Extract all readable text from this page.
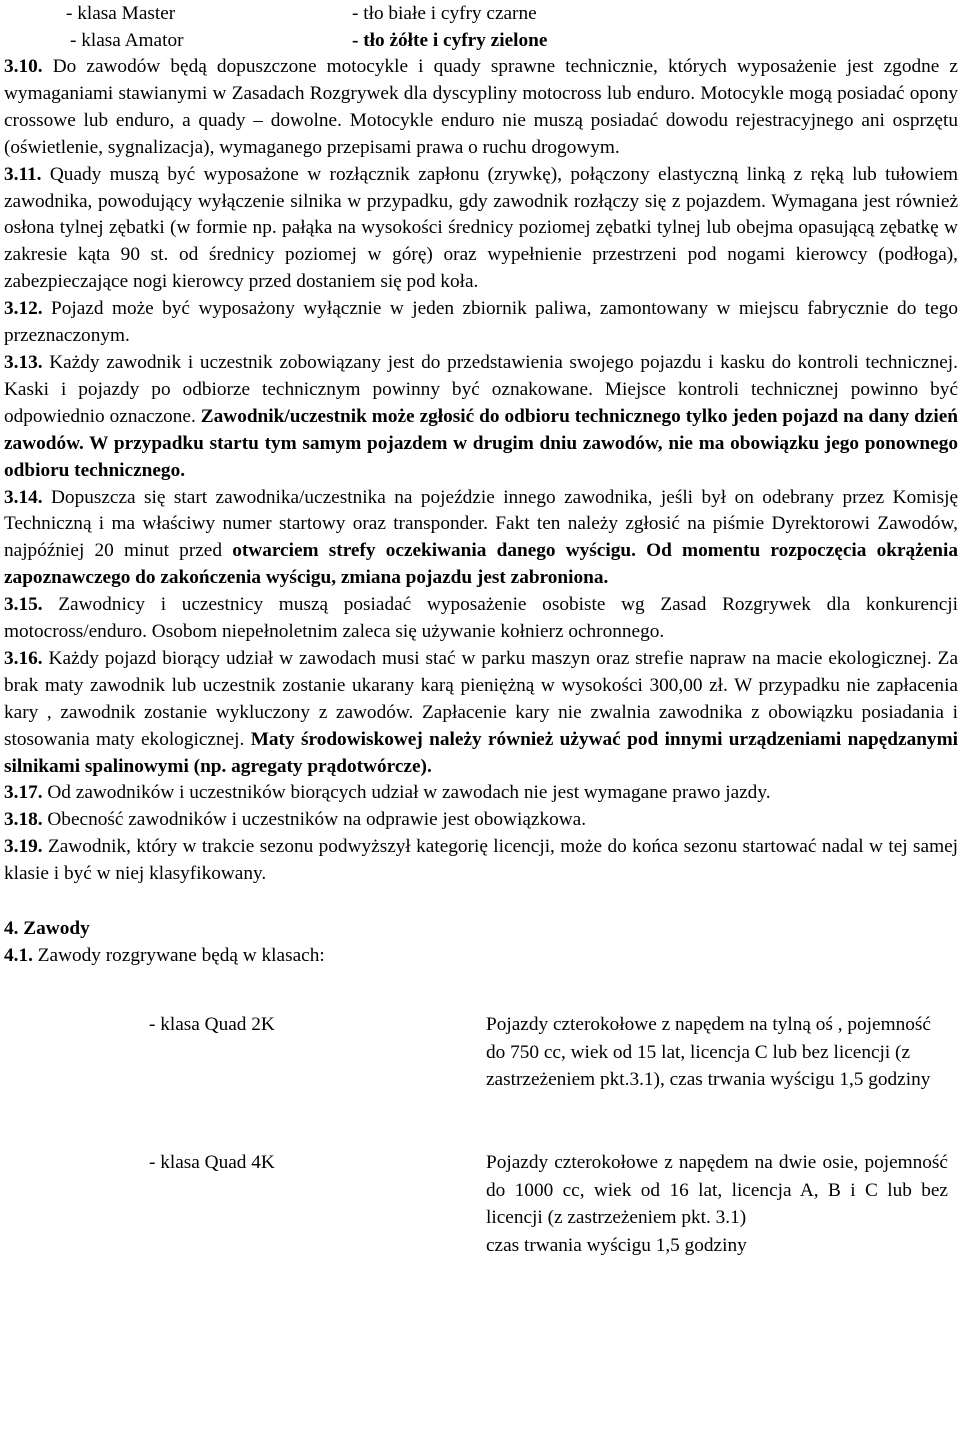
- klasa Master	- tło białe i cyfry czarne
- klasa Amator	- tło żółte i cyfry zielone

3.10. Do zawodów będą dopuszczone motocykle i quady sprawne technicznie, których wyposażenie jest zgodne z wymaganiami stawianymi w Zasadach Rozgrywek dla dyscypliny motocross lub enduro. Motocykle mogą posiadać opony crossowe lub enduro, a quady – dowolne. Motocykle enduro nie muszą posiadać dowodu rejestracyjnego ani osprzętu (oświetlenie, sygnalizacja), wymaganego przepisami prawa o ruchu drogowym.

3.11. Quady muszą być wyposażone w rozłącznik zapłonu (zrywkę), połączony elastyczną linką z ręką lub tułowiem zawodnika, powodujący wyłączenie silnika w przypadku, gdy zawodnik rozłączy się z pojazdem. Wymagana jest również osłona tylnej zębatki (w formie np. pałąka na wysokości średnicy poziomej zębatki tylnej lub obejma opasującą zębatkę w zakresie kąta 90 st. od średnicy poziomej w górę) oraz wypełnienie przestrzeni pod nogami kierowcy (podłoga), zabezpieczające nogi kierowcy przed dostaniem się pod koła.

3.12. Pojazd może być wyposażony wyłącznie w jeden zbiornik paliwa, zamontowany w miejscu fabrycznie do tego przeznaczonym.

3.13. Każdy zawodnik i uczestnik zobowiązany jest do przedstawienia swojego pojazdu i kasku do kontroli technicznej. Kaski i pojazdy po odbiorze technicznym powinny być oznakowane. Miejsce kontroli technicznej powinno być odpowiednio oznaczone. Zawodnik/uczestnik może zgłosić do odbioru technicznego tylko jeden pojazd na dany dzień zawodów. W przypadku startu tym samym pojazdem w drugim dniu zawodów, nie ma obowiązku jego ponownego odbioru technicznego.

3.14. Dopuszcza się start zawodnika/uczestnika na pojeździe innego zawodnika, jeśli był on odebrany przez Komisję Techniczną i ma właściwy numer startowy oraz transponder. Fakt ten należy zgłosić na piśmie Dyrektorowi Zawodów, najpóźniej 20 minut przed otwarciem strefy oczekiwania danego wyścigu. Od momentu rozpoczęcia okrążenia zapoznawczego do zakończenia wyścigu, zmiana pojazdu jest zabroniona.

3.15. Zawodnicy i uczestnicy muszą posiadać wyposażenie osobiste wg Zasad Rozgrywek dla konkurencji motocross/enduro. Osobom niepełnoletnim zaleca się używanie kołnierz ochronnego.

3.16. Każdy pojazd biorący udział w zawodach musi stać w parku maszyn oraz strefie napraw na macie ekologicznej. Za brak maty zawodnik lub uczestnik zostanie ukarany karą pieniężną w wysokości 300,00 zł. W przypadku nie zapłacenia kary , zawodnik zostanie wykluczony z zawodów. Zapłacenie kary nie zwalnia zawodnika z obowiązku posiadania i stosowania maty ekologicznej. Maty środowiskowej należy również używać pod innymi urządzeniami napędzanymi silnikami spalinowymi (np. agregaty prądotwórcze).

3.17. Od zawodników i uczestników biorących udział w zawodach nie jest wymagane prawo jazdy.

3.18. Obecność zawodników i uczestników na odprawie jest obowiązkowa.

3.19. Zawodnik, który w trakcie sezonu podwyższył kategorię licencji, może do końca sezonu startować nadal w tej samej klasie i być w niej klasyfikowany.

4. Zawody

4.1. Zawody rozgrywane będą w klasach:

- klasa Quad 2K	Pojazdy czterokołowe z napędem na tylną oś , pojemność do 750 cc, wiek od 15 lat, licencja C lub bez licencji (z zastrzeżeniem pkt.3.1), czas trwania wyścigu 1,5 godziny
- klasa Quad 4K	Pojazdy czterokołowe z napędem na dwie osie, pojemność do 1000 cc, wiek od 16 lat, licencja A, B i C lub bez licencji (z zastrzeżeniem pkt. 3.1)
czas trwania wyścigu 1,5 godziny
